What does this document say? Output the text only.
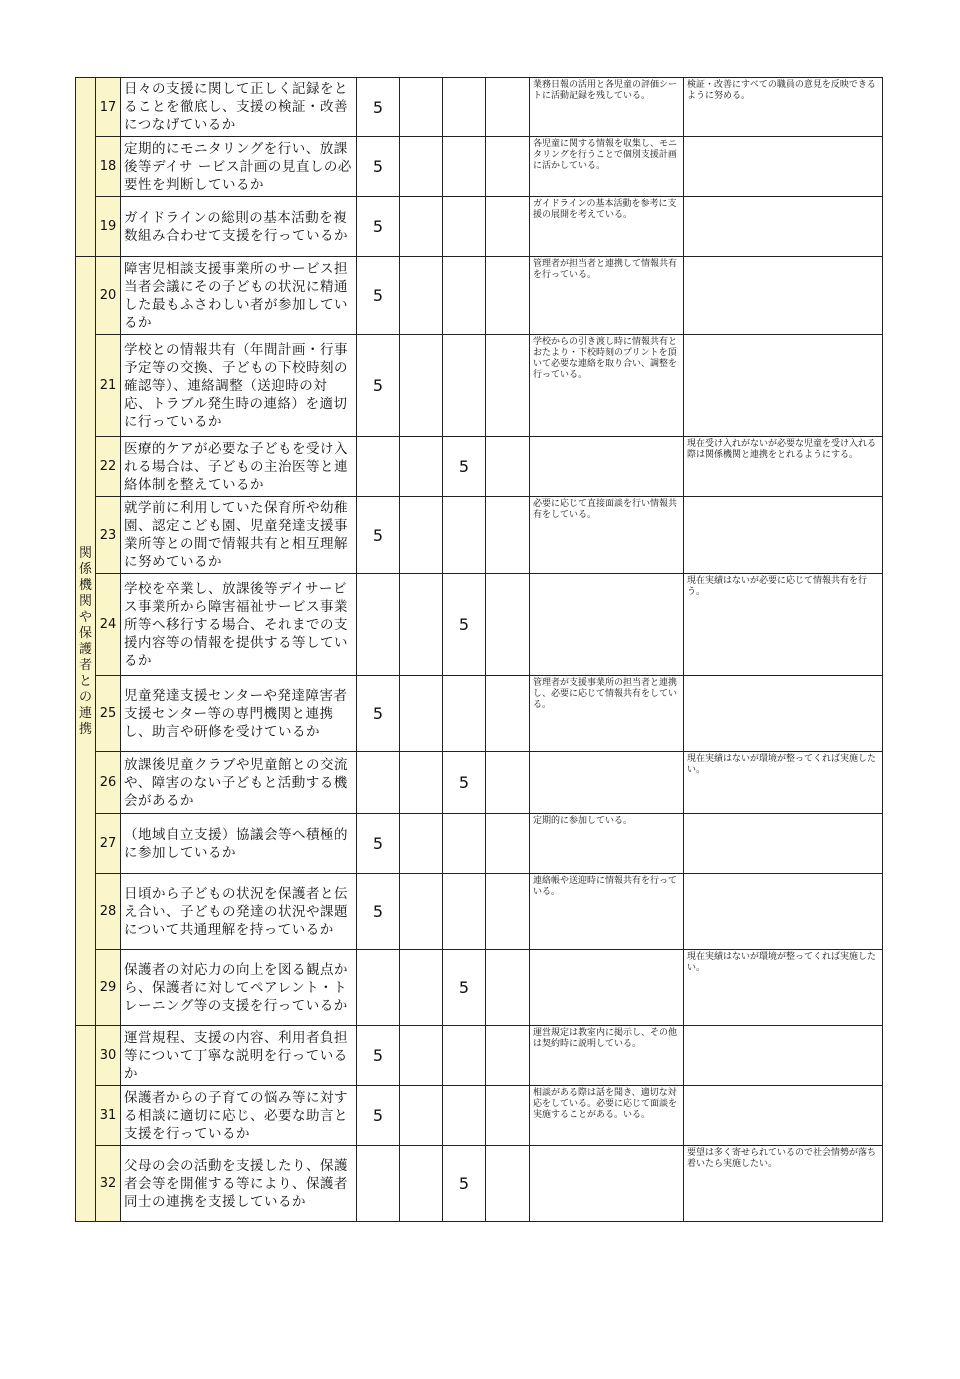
	17	日々の支援に関して正しく記録をとることを徹底し、支援の検証・改善につなげているか	5				業務日報の活用と各児童の評価シートに活動記録を残している。	検証・改善にすべての職員の意見を反映できるように努める。
	18	定期的にモニタリングを行い、放課後等デイサ ービス計画の見直しの必要性を判断しているか	5				各児童に関する情報を収集し、モニタリングを行うことで個別支援計画に活かしている。	
	19	ガイドラインの総則の基本活動を複数組み合わせて支援を行っているか	5				ガイドラインの基本活動を参考に支援の展開を考えている。	
関係機関や保護者との連携	20	障害児相談支援事業所のサービス担当者会議にその子どもの状況に精通した最もふさわしい者が参加しているか	5				管理者が担当者と連携して情報共有を行っている。	
	21	学校との情報共有（年間計画・行事予定等の交換、子どもの下校時刻の確認等）、連絡調整（送迎時の対応、トラブル発生時の連絡）を適切に行っているか	5				学校からの引き渡し時に情報共有とおたより・下校時刻のプリントを頂いて必要な連絡を取り合い、調整を行っている。	
	22	医療的ケアが必要な子どもを受け入れる場合は、子どもの主治医等と連絡体制を整えているか			5			現在受け入れがないが必要な児童を受け入れる際は関係機関と連携をとれるようにする。
	23	就学前に利用していた保育所や幼稚園、認定こども園、児童発達支援事業所等との間で情報共有と相互理解に努めているか	5				必要に応じて直接面談を行い情報共有をしている。	
	24	学校を卒業し、放課後等デイサービス事業所から障害福祉サービス事業所等へ移行する場合、それまでの支援内容等の情報を提供する等しているか			5			現在実績はないが必要に応じて情報共有を行う。
	25	児童発達支援センターや発達障害者支援センター等の専門機関と連携し、助言や研修を受けているか	5				管理者が支援事業所の担当者と連携し、必要に応じて情報共有をしている。	
	26	放課後児童クラブや児童館との交流や、障害のない子どもと活動する機会があるか			5			現在実績はないが環境が整ってくれば実施したい。
	27	（地域自立支援）協議会等へ積極的に参加しているか	5				定期的に参加している。	
	28	日頃から子どもの状況を保護者と伝え合い、子どもの発達の状況や課題について共通理解を持っているか	5				連絡帳や送迎時に情報共有を行っている。	
	29	保護者の対応力の向上を図る観点から、保護者に対してペアレント・トレーニング等の支援を行っているか			5			現在実績はないが環境が整ってくれば実施したい。
	30	運営規程、支援の内容、利用者負担等について丁寧な説明を行っているか	5				運営規定は教室内に掲示し、その他は契約時に説明している。	
	31	保護者からの子育ての悩み等に対する相談に適切に応じ、必要な助言と支援を行っているか	5				相談がある際は話を聞き、適切な対応をしている。必要に応じて面談を実施することがある。いる。	
	32	父母の会の活動を支援したり、保護者会等を開催する等により、保護者同士の連携を支援しているか			5			要望は多く寄せられているので社会情勢が落ち着いたら実施したい。
